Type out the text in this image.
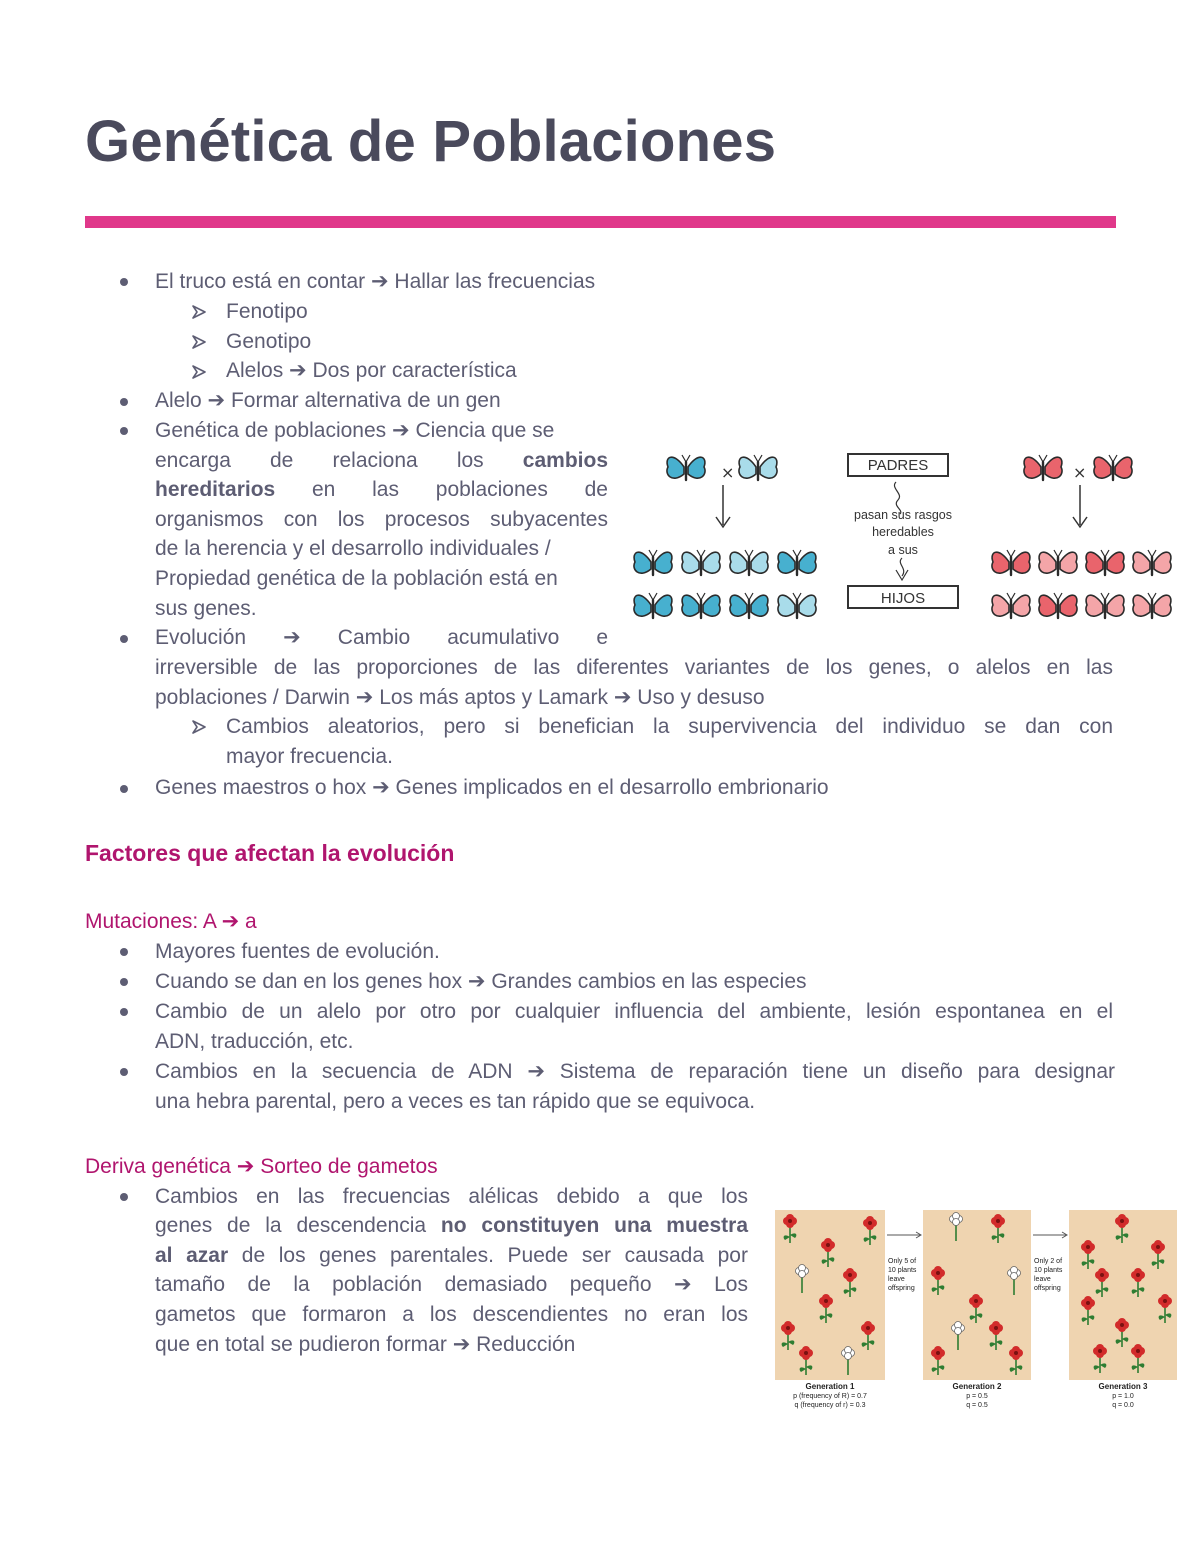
Genética de Poblaciones
El truco está en contar ➔ Hallar las frecuencias
Fenotipo
Genotipo
Alelos ➔ Dos por característica
Alelo ➔ Formar alternativa de un gen
Genética de poblaciones ➔ Ciencia que se
encarga de relaciona los cambios
hereditarios en las poblaciones de
organismos con los procesos subyacentes
de la herencia y el desarrollo individuales /
Propiedad genética de la población está en
sus genes.
Evolución ➔ Cambio acumulativo e
irreversible de las proporciones de las diferentes variantes de los genes, o alelos en las
poblaciones / Darwin ➔ Los más aptos y Lamark ➔ Uso y desuso
Cambios aleatorios, pero si benefician la supervivencia del individuo se dan con
mayor frecuencia.
Genes maestros o hox ➔ Genes implicados en el desarrollo embrionario
×	PADRES
pasan sus rasgos
heredables
a sus
HIJOS
×
Factores que afectan la evolución
Mutaciones: A ➔ a
Mayores fuentes de evolución.
Cuando se dan en los genes hox ➔ Grandes cambios en las especies
Cambio de un alelo por otro por cualquier influencia del ambiente, lesión espontanea en el
ADN, traducción, etc.
Cambios en la secuencia de ADN ➔ Sistema de reparación tiene un diseño para designar
una hebra parental, pero a veces es tan rápido que se equivoca.
Deriva genética ➔ Sorteo de gametos
Cambios en las frecuencias alélicas debido a que los
genes de la descendencia no constituyen una muestra
al azar de los genes parentales. Puede ser causada por
tamaño de la población demasiado pequeño ➔ Los
gametos que formaron a los descendientes no eran los
que en total se pudieron formar ➔ Reducción
Generation 1
p (frequency of R) = 0.7
q (frequency of r) = 0.3
Only 5 of
10 plants
leave
offspring
Generation 2
p = 0.5
q = 0.5
Only 2 of
10 plants
leave
offspring
Generation 3
p = 1.0
q = 0.0
